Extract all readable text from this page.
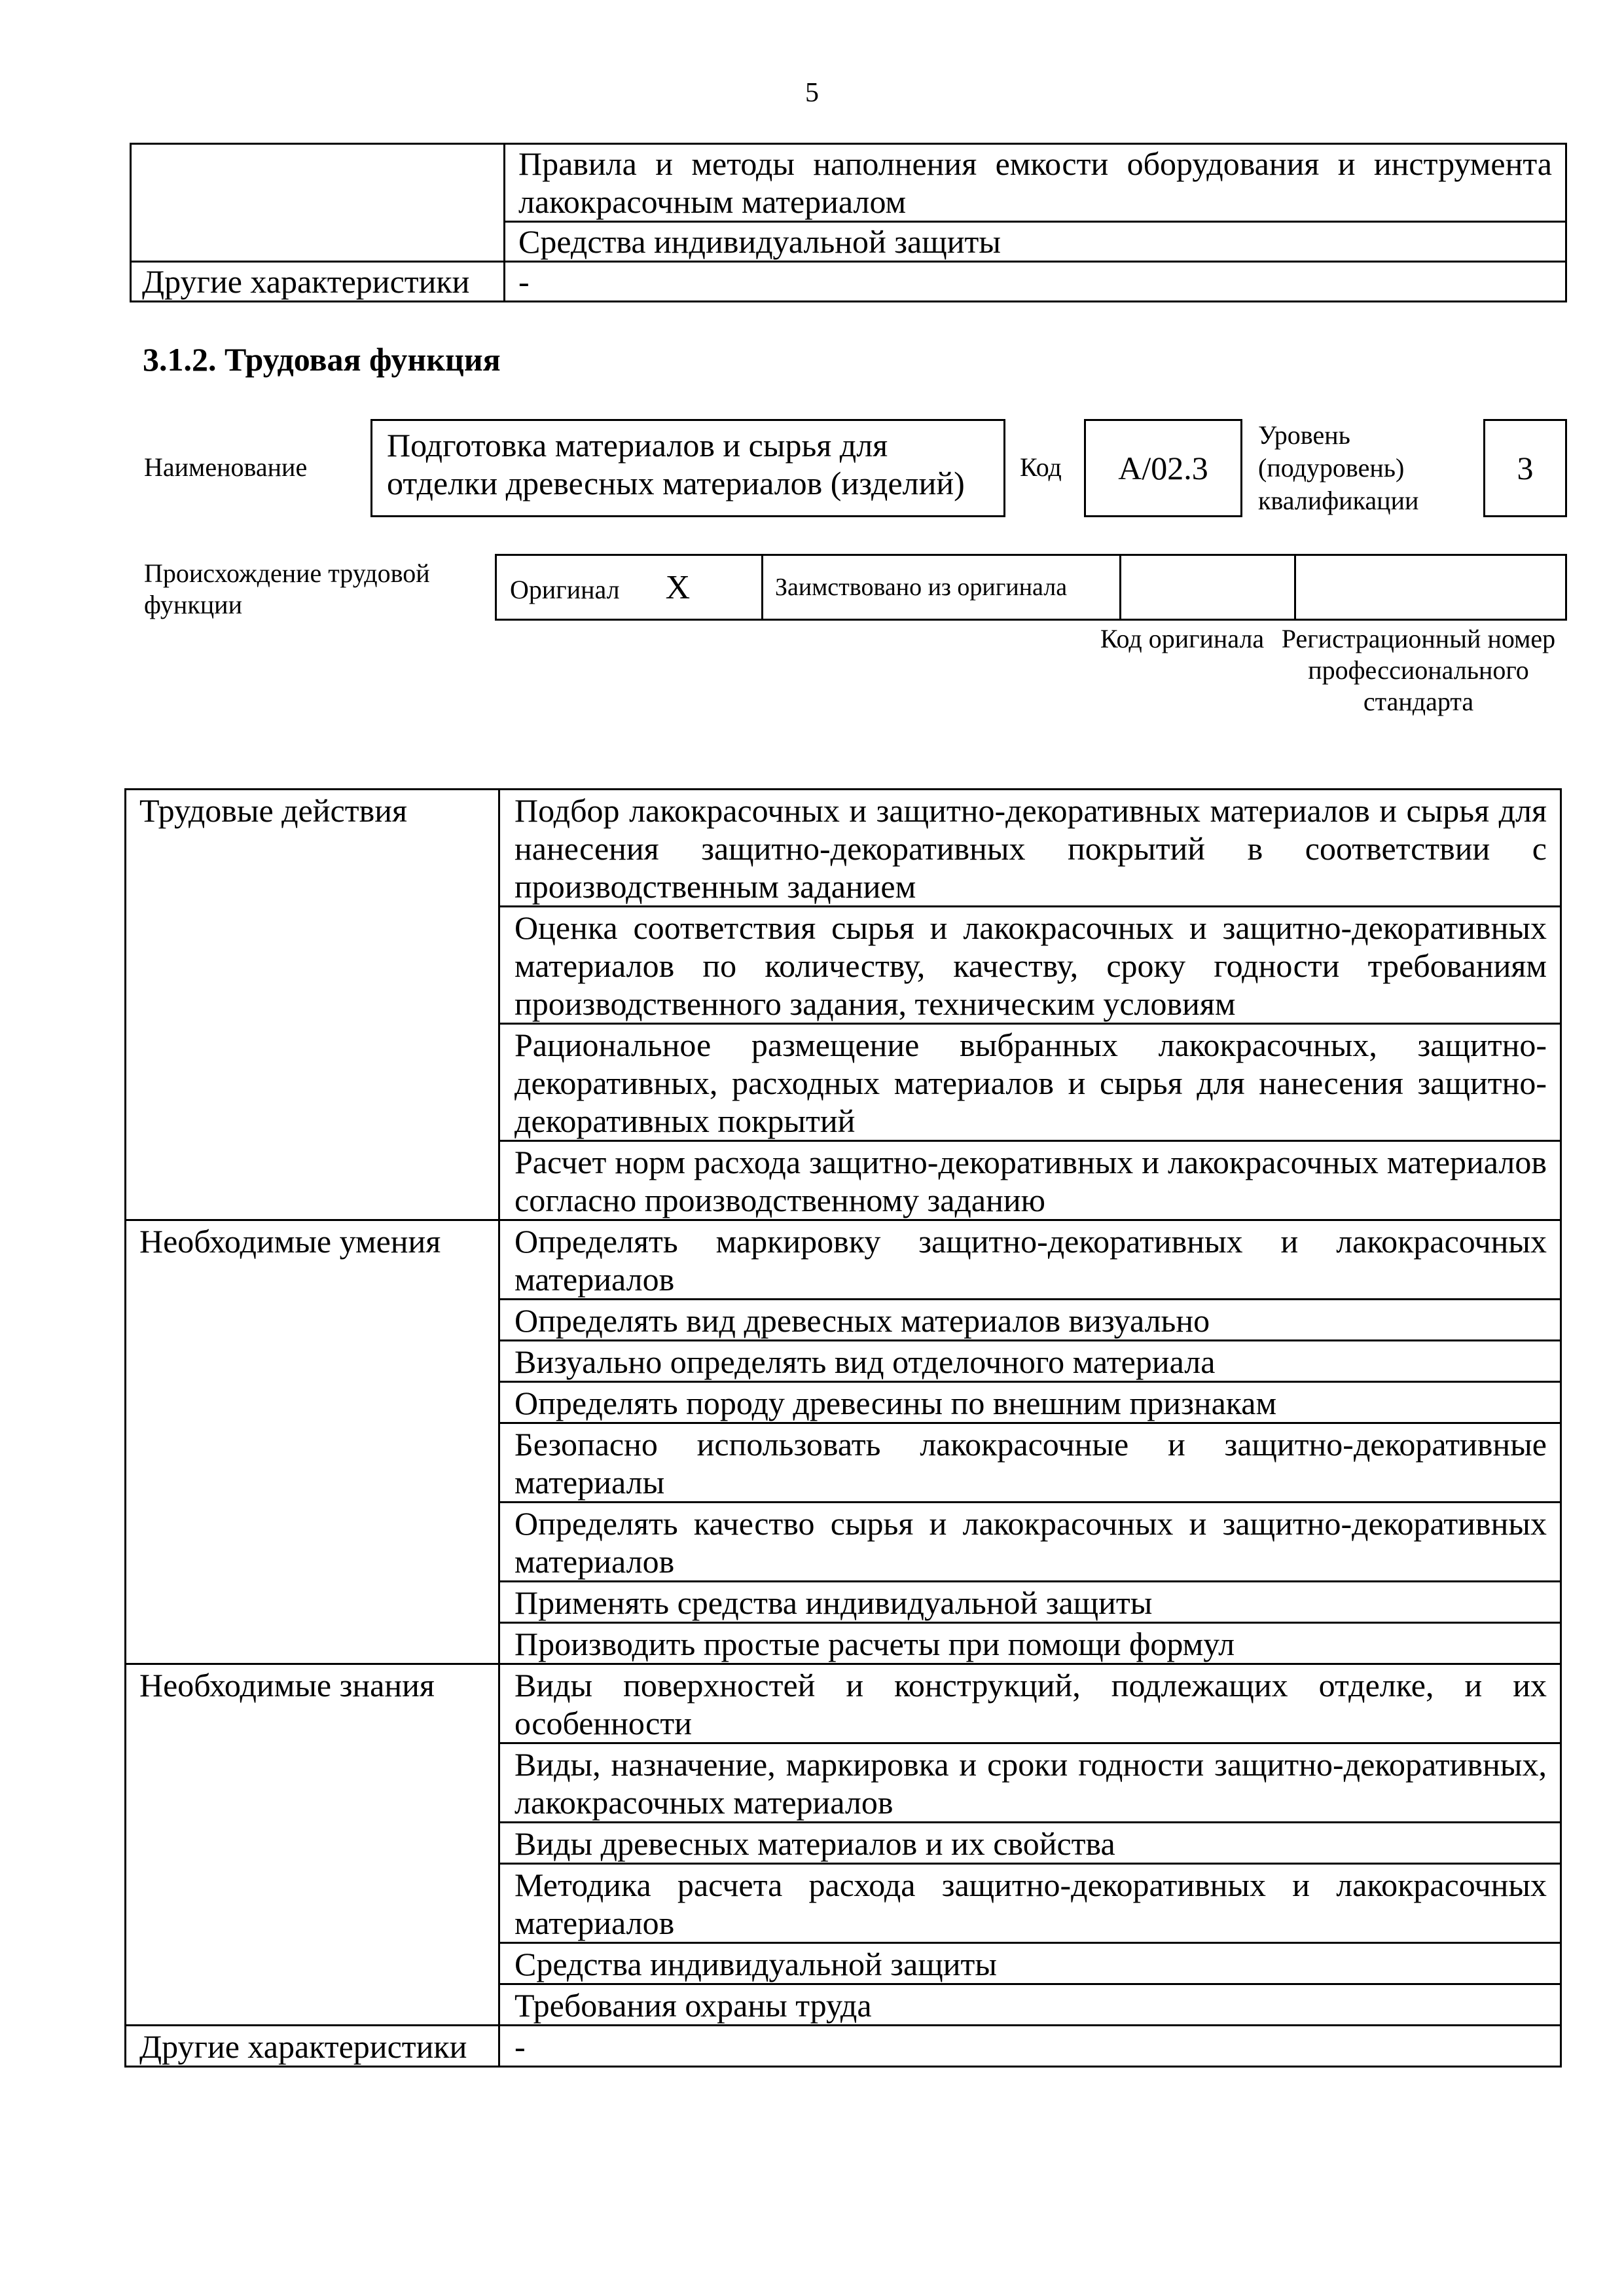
5
	Правила и методы наполнения емкости оборудования и инструмента лакокрасочным материалом
	Средства индивидуальной защиты
Другие характеристики	-
3.1.2. Трудовая функция
Наименование
Подготовка материалов и сырья для отделки древесных материалов (изделий)	Код	А/02.3
Уровень (подуровень) квалификации
3
Происхождение трудовой функции
Оригинал X	Заимствовано из оригинала		
Код оригинала Регистрационный номер профессионального стандарта
Трудовые действия	Подбор лакокрасочных и защитно-декоративных материалов и сырья для нанесения защитно-декоративных покрытий в соответствии с производственным заданием
	Оценка соответствия сырья и лакокрасочных и защитно-декоративных материалов по количеству, качеству, сроку годности требованиям производственного задания, техническим условиям
	Рациональное размещение выбранных лакокрасочных, защитно-декоративных, расходных материалов и сырья для нанесения защитно-декоративных покрытий
	Расчет норм расхода защитно-декоративных и лакокрасочных материалов согласно производственному заданию
Необходимые умения	Определять маркировку защитно-декоративных и лакокрасочных материалов
	Определять вид древесных материалов визуально
	Визуально определять вид отделочного материала
	Определять породу древесины по внешним признакам
	Безопасно использовать лакокрасочные и защитно-декоративные материалы
	Определять качество сырья и лакокрасочных и защитно-декоративных материалов
	Применять средства индивидуальной защиты
	Производить простые расчеты при помощи формул
Необходимые знания	Виды поверхностей и конструкций, подлежащих отделке, и их особенности
	Виды, назначение, маркировка и сроки годности защитно-декоративных, лакокрасочных материалов
	Виды древесных материалов и их свойства
	Методика расчета расхода защитно-декоративных и лакокрасочных материалов
	Средства индивидуальной защиты
	Требования охраны труда
Другие характеристики	-
